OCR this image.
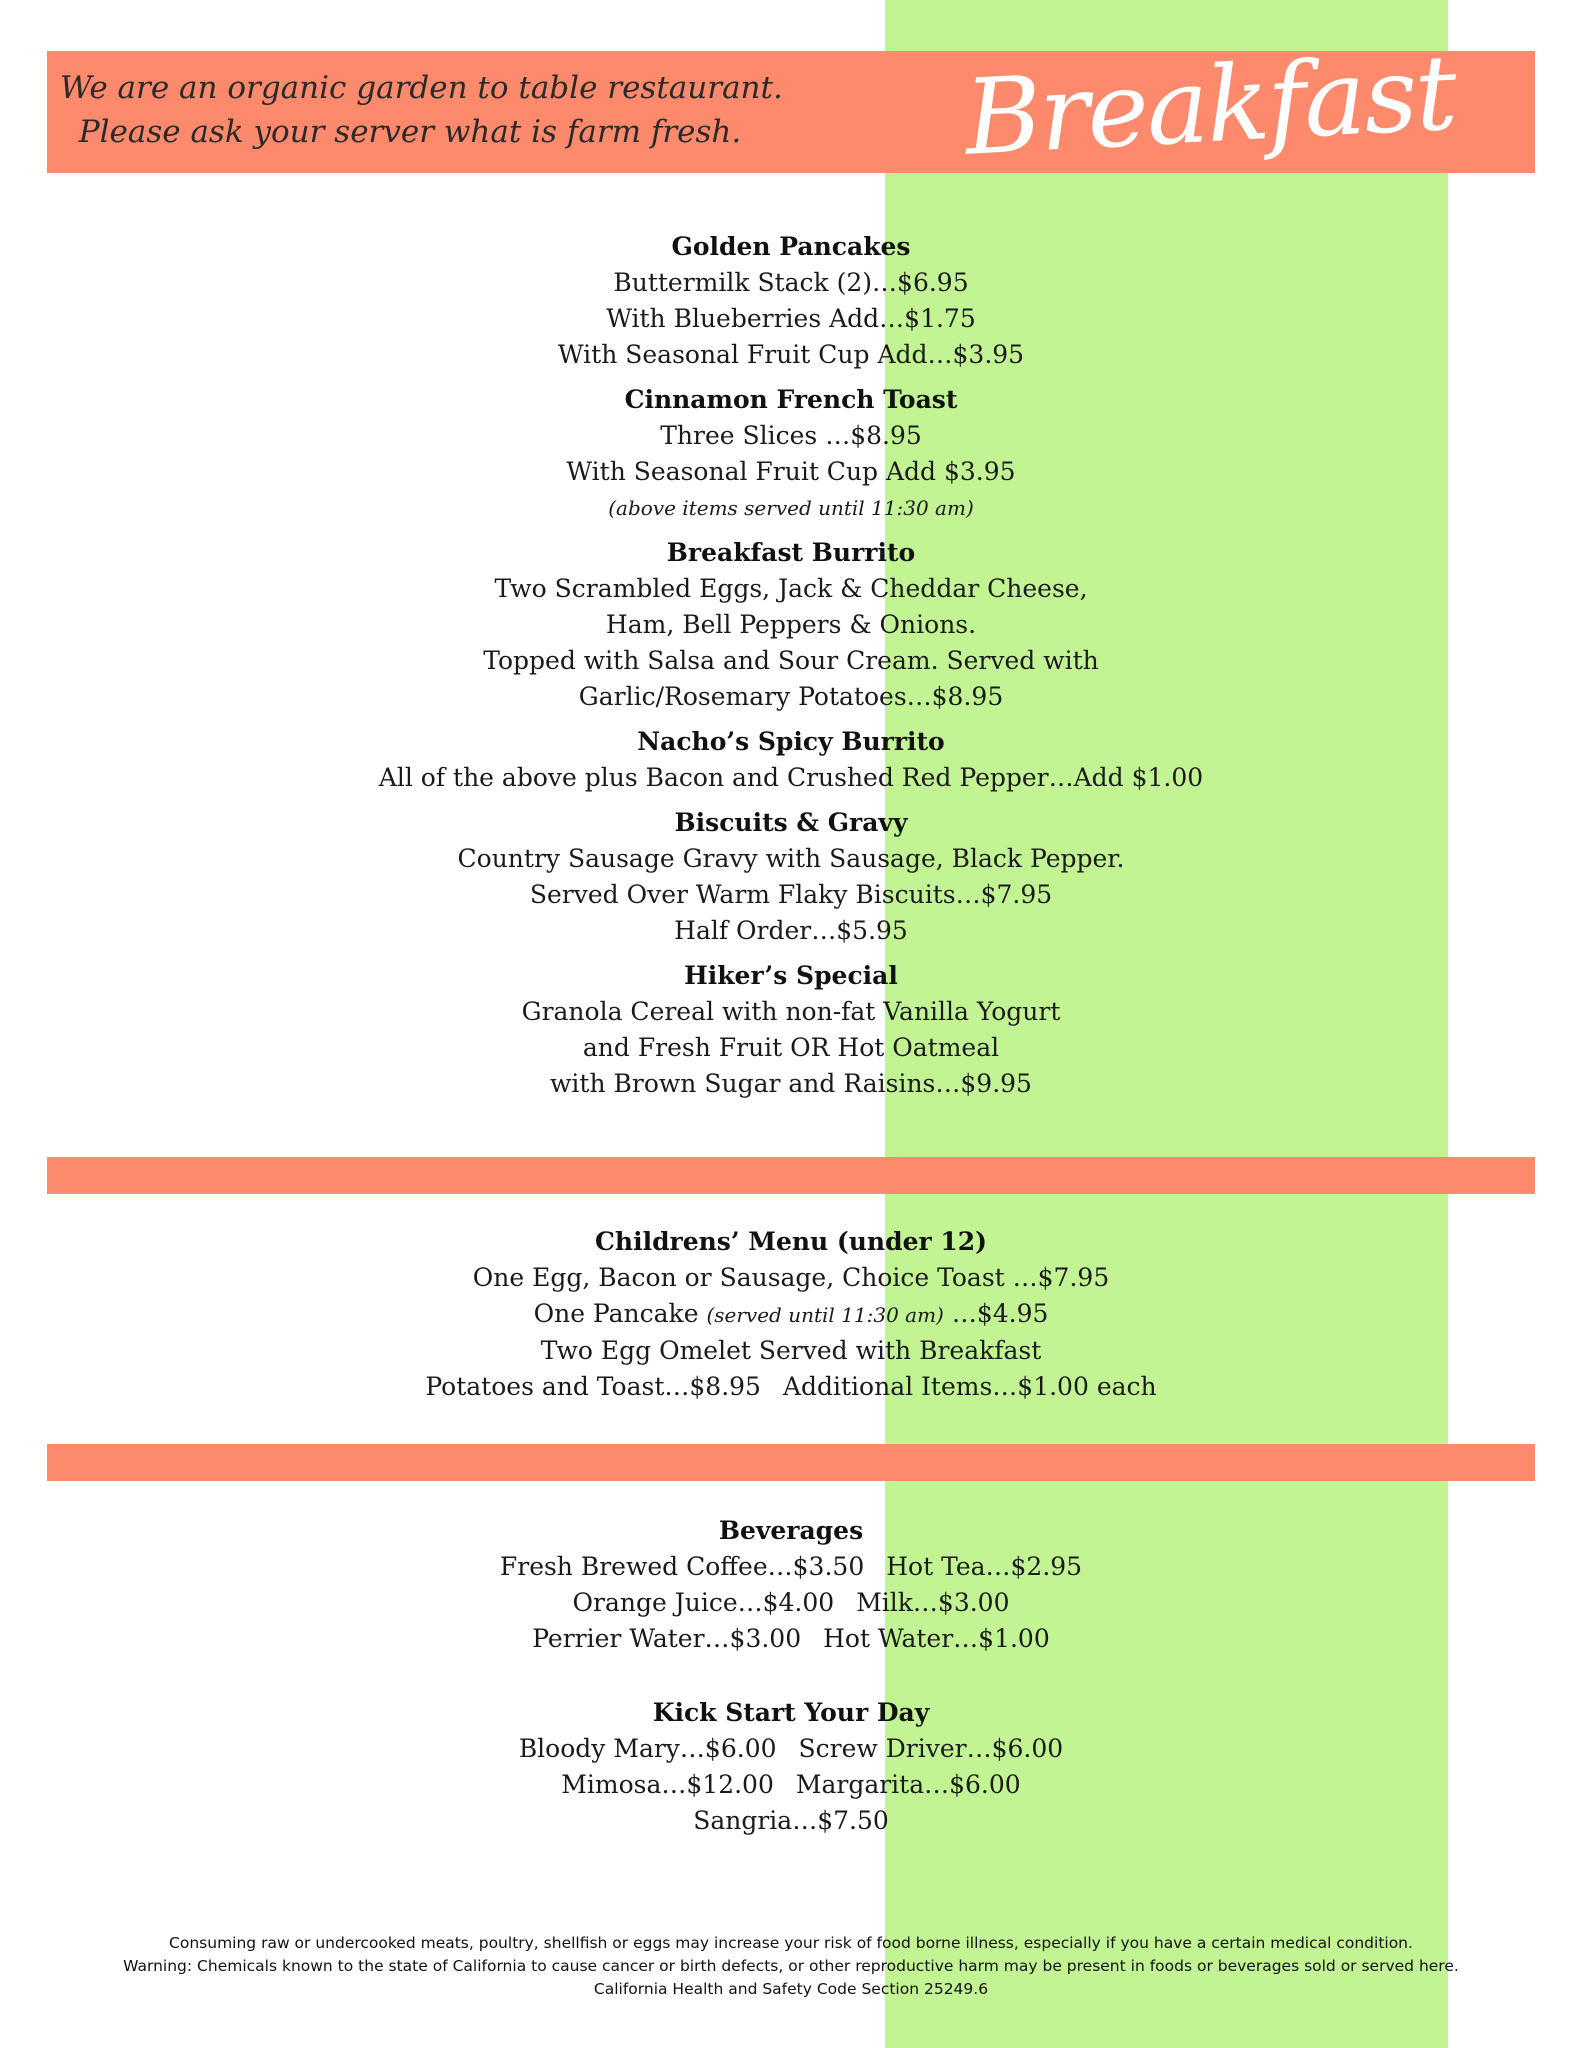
We are an organic garden to table restaurant.
Please ask your server what is farm fresh.	Breakfast
Golden Pancakes
Buttermilk Stack (2)…$6.95
With Blueberries Add…$1.75
With Seasonal Fruit Cup Add…$3.95
Cinnamon French Toast
Three Slices …$8.95
With Seasonal Fruit Cup Add $3.95
(above items served until 11:30 am)
Breakfast Burrito
Two Scrambled Eggs, Jack & Cheddar Cheese,
Ham, Bell Peppers & Onions.
Topped with Salsa and Sour Cream. Served with
Garlic/Rosemary Potatoes…$8.95
Nacho’s Spicy Burrito
All of the above plus Bacon and Crushed Red Pepper…Add $1.00
Biscuits & Gravy
Country Sausage Gravy with Sausage, Black Pepper.
Served Over Warm Flaky Biscuits…$7.95
Half Order…$5.95
Hiker’s Special
Granola Cereal with non-fat Vanilla Yogurt
and Fresh Fruit OR Hot Oatmeal
with Brown Sugar and Raisins…$9.95
Childrens’ Menu (under 12)
One Egg, Bacon or Sausage, Choice Toast …$7.95
One Pancake (served until 11:30 am) …$4.95
Two Egg Omelet Served with Breakfast
Potatoes and Toast…$8.95 Additional Items…$1.00 each
Beverages
Fresh Brewed Coffee…$3.50 Hot Tea…$2.95
Orange Juice…$4.00 Milk…$3.00
Perrier Water…$3.00 Hot Water…$1.00
Kick Start Your Day
Bloody Mary…$6.00 Screw Driver…$6.00
Mimosa…$12.00 Margarita…$6.00
Sangria…$7.50
Consuming raw or undercooked meats, poultry, shellfish or eggs may increase your risk of food borne illness, especially if you have a certain medical condition.
Warning: Chemicals known to the state of California to cause cancer or birth defects, or other reproductive harm may be present in foods or beverages sold or served here.
California Health and Safety Code Section 25249.6
